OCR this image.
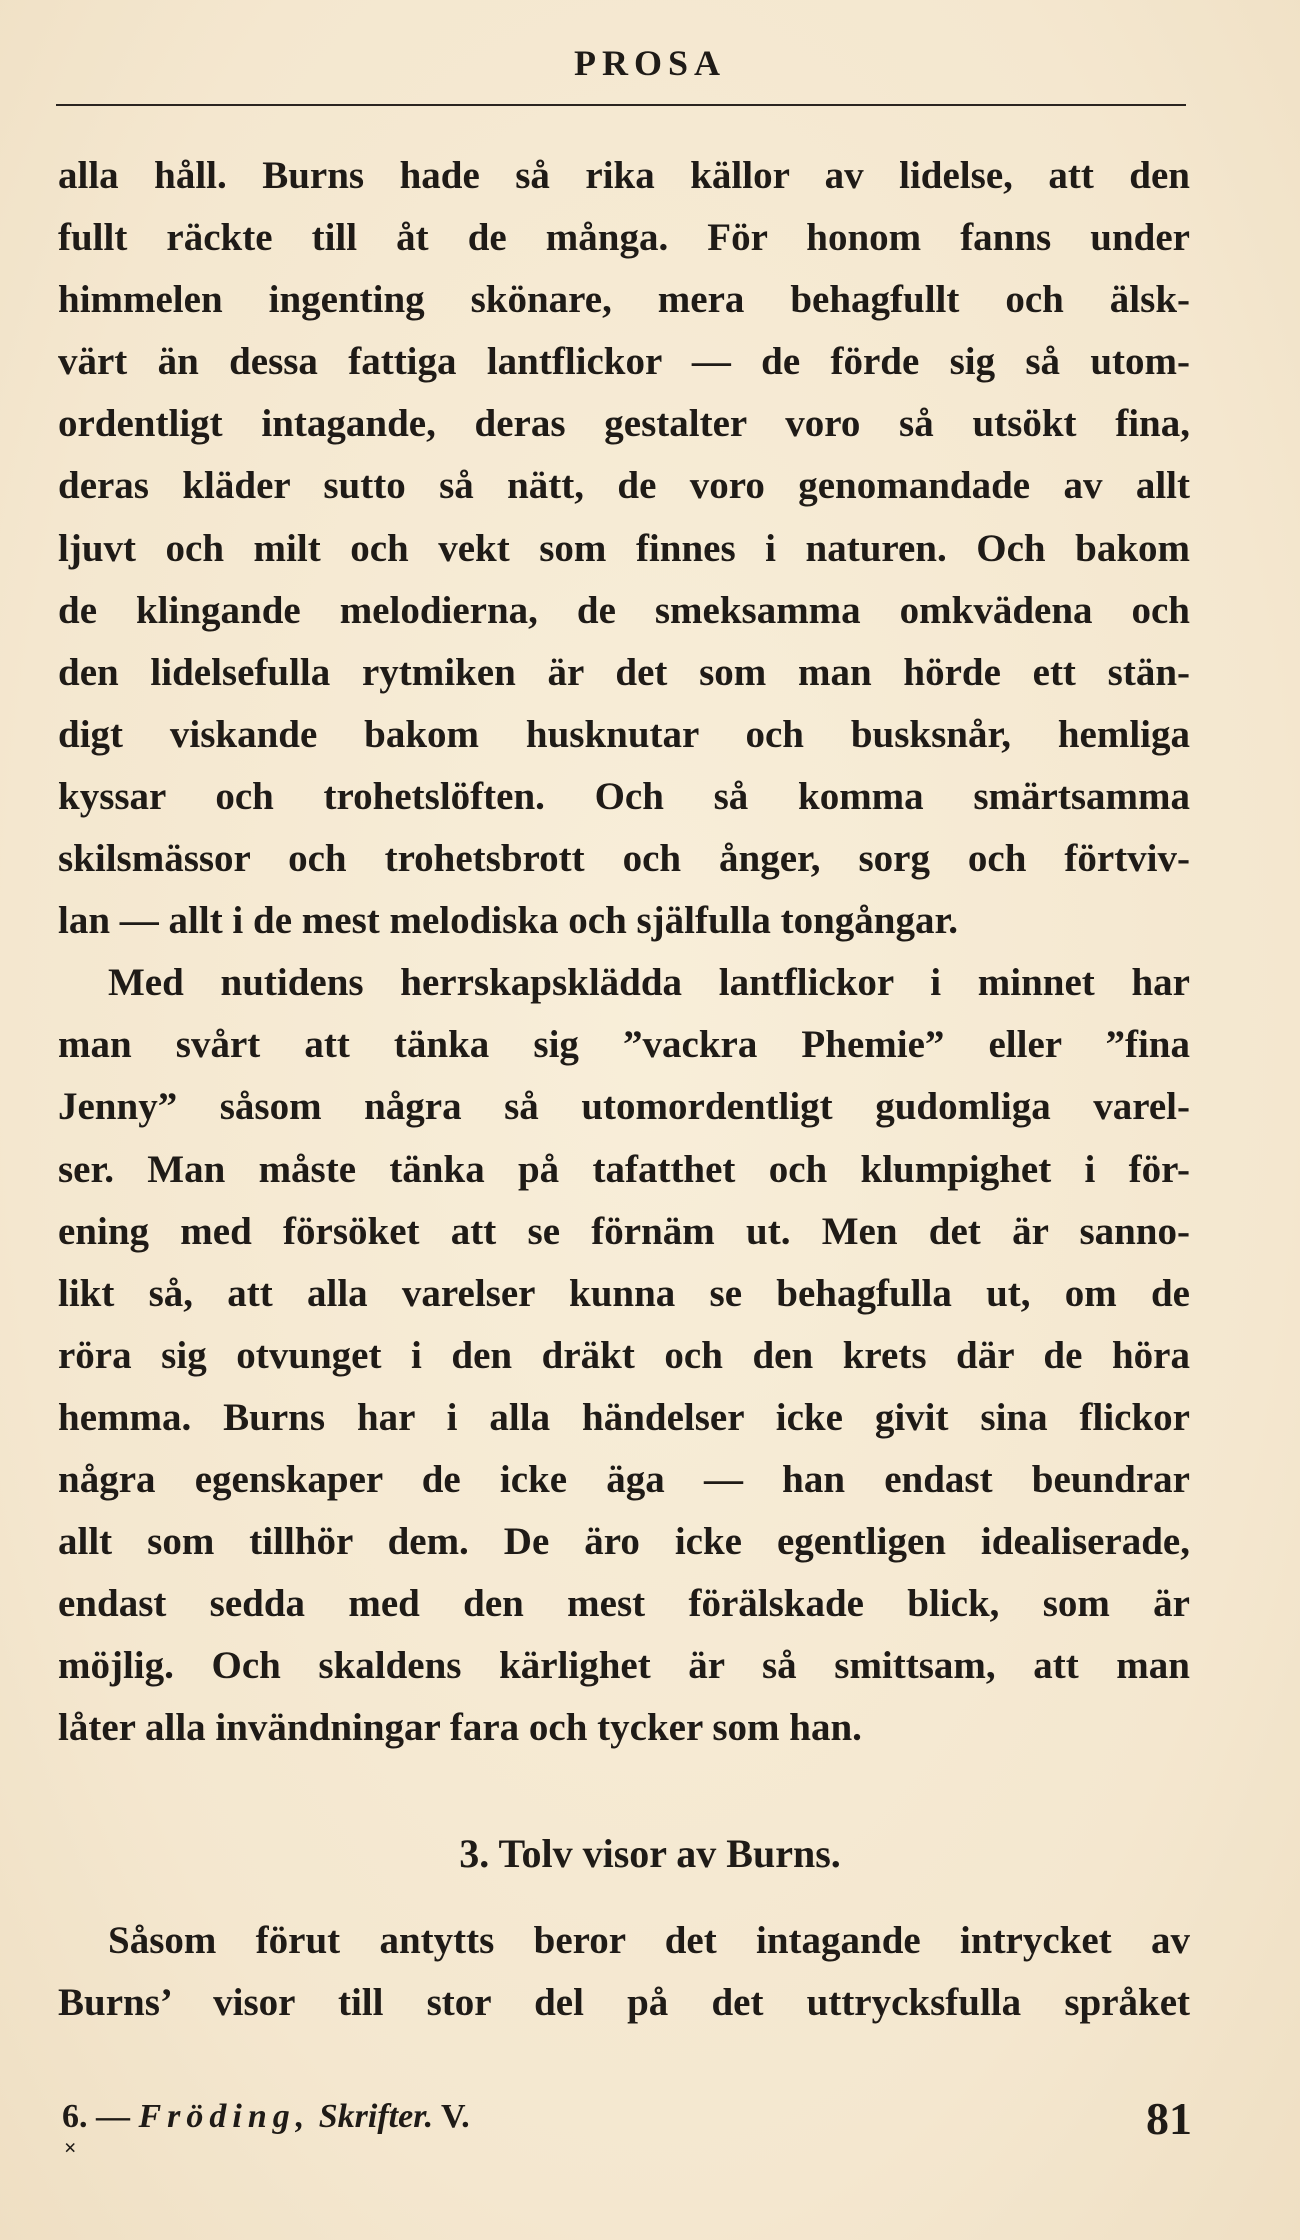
PROSA

alla håll. Burns hade så rika källor av lidelse, att den
fullt räckte till åt de många. För honom fanns under
himmelen ingenting skönare, mera behagfullt och älsk-
värt än dessa fattiga lantflickor — de förde sig så utom-
ordentligt intagande, deras gestalter voro så utsökt fina,
deras kläder sutto så nätt, de voro genomandade av allt
ljuvt och milt och vekt som finnes i naturen. Och bakom
de klingande melodierna, de smeksamma omkvädena och
den lidelsefulla rytmiken är det som man hörde ett stän-
digt viskande bakom husknutar och busksnår, hemliga
kyssar och trohetslöften. Och så komma smärtsamma
skilsmässor och trohetsbrott och ånger, sorg och förtviv-
lan — allt i de mest melodiska och själfulla tongångar.

Med nutidens herrskapsklädda lantflickor i minnet har
man svårt att tänka sig ”vackra Phemie” eller ”fina
Jenny” såsom några så utomordentligt gudomliga varel-
ser. Man måste tänka på tafatthet och klumpighet i för-
ening med försöket att se förnäm ut. Men det är sanno-
likt så, att alla varelser kunna se behagfulla ut, om de
röra sig otvunget i den dräkt och den krets där de höra
hemma. Burns har i alla händelser icke givit sina flickor
några egenskaper de icke äga — han endast beundrar
allt som tillhör dem. De äro icke egentligen idealiserade,
endast sedda med den mest förälskade blick, som är
möjlig. Och skaldens kärlighet är så smittsam, att man
låter alla invändningar fara och tycker som han.

3. Tolv visor av Burns.
Såsom förut antytts beror det intagande intrycket av
Burns’ visor till stor del på det uttrycksfulla språket
6. — Fröding, Skrifter. V.
×
81
